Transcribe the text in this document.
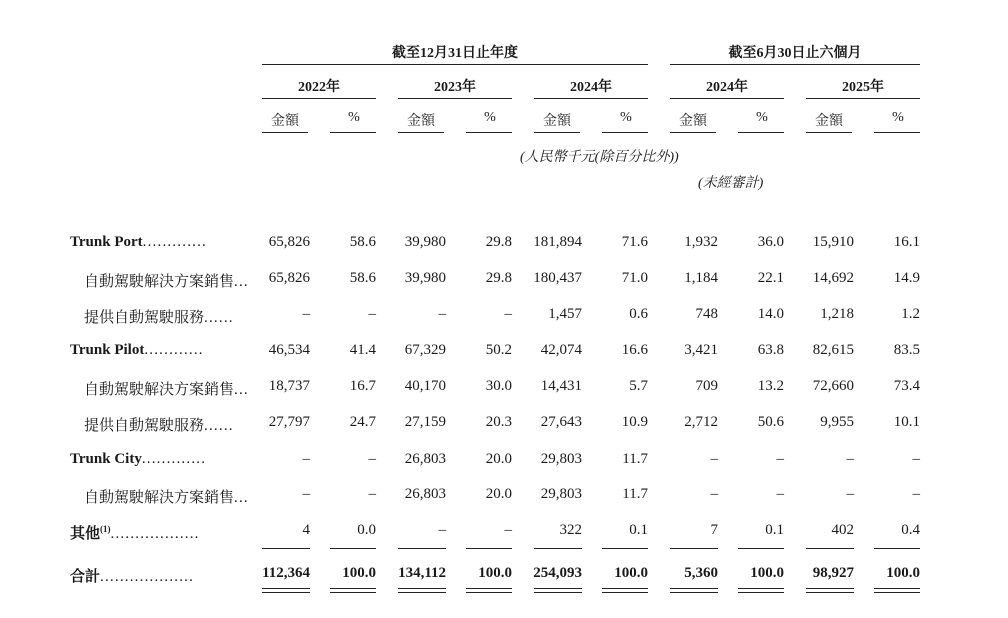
截至12月31日止年度	截至6月30日止六個月
2022年	2023年	2024年	2024年	2025年
金額	%	金額	%	金額	%	金額	%	金額	%
(人民幣千元(除百分比外))
(未經審計)
Trunk Port.............	65,826	58.6	39,980	29.8	181,894	71.6	1,932	36.0	15,910	16.1
自動駕駛解決方案銷售...	65,826	58.6	39,980	29.8	180,437	71.0	1,184	22.1	14,692	14.9
提供自動駕駛服務......	–	–	–	–	1,457	0.6	748	14.0	1,218	1.2
Trunk Pilot............	46,534	41.4	67,329	50.2	42,074	16.6	3,421	63.8	82,615	83.5
自動駕駛解決方案銷售...	18,737	16.7	40,170	30.0	14,431	5.7	709	13.2	72,660	73.4
提供自動駕駛服務......	27,797	24.7	27,159	20.3	27,643	10.9	2,712	50.6	9,955	10.1
Trunk City.............	–	–	26,803	20.0	29,803	11.7	–	–	–	–
自動駕駛解決方案銷售...	–	–	26,803	20.0	29,803	11.7	–	–	–	–
其他$^{(1)}$..................	4	0.0	–	–	322	0.1	7	0.1	402	0.4
合計...................	112,364	100.0	134,112	100.0	254,093	100.0	5,360	100.0	98,927	100.0
